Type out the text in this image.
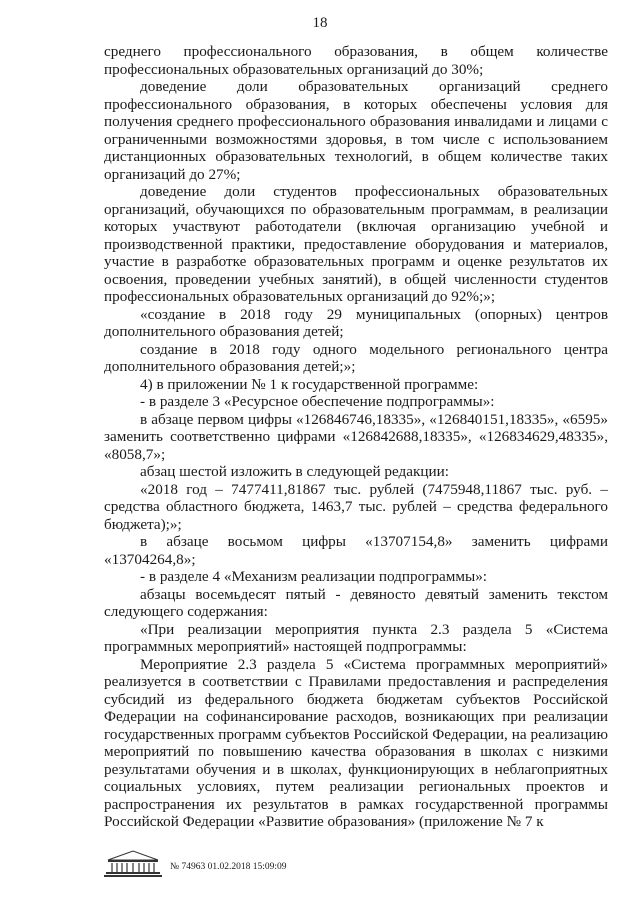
18

среднего профессионального образования, в общем количестве профессиональных образовательных организаций до 30%;

доведение доли образовательных организаций среднего профессионального образования, в которых обеспечены условия для получения среднего профессионального образования инвалидами и лицами с ограниченными возможностями здоровья, в том числе с использованием дистанционных образовательных технологий, в общем количестве таких организаций до 27%;

доведение доли студентов профессиональных образовательных организаций, обучающихся по образовательным программам, в реализации которых участвуют работодатели (включая организацию учебной и производственной практики, предоставление оборудования и материалов, участие в разработке образовательных программ и оценке результатов их освоения, проведении учебных занятий), в общей численности студентов профессиональных образовательных организаций до 92%;»;

«создание в 2018 году 29 муниципальных (опорных) центров дополнительного образования детей;

создание в 2018 году одного модельного регионального центра дополнительного образования детей;»;

4) в приложении № 1 к государственной программе:

- в разделе 3 «Ресурсное обеспечение подпрограммы»:

в абзаце первом цифры «126846746,18335», «126840151,18335», «6595» заменить соответственно цифрами «126842688,18335», «126834629,48335», «8058,7»;

абзац шестой изложить в следующей редакции:

«2018 год – 7477411,81867 тыс. рублей (7475948,11867 тыс. руб. – средства областного бюджета, 1463,7 тыс. рублей – средства федерального бюджета);»;

в абзаце восьмом цифры «13707154,8» заменить цифрами «13704264,8»;

- в разделе 4 «Механизм реализации подпрограммы»:

абзацы восемьдесят пятый - девяносто девятый заменить текстом следующего содержания:

«При реализации мероприятия пункта 2.3 раздела 5 «Система программных мероприятий» настоящей подпрограммы:

Мероприятие 2.3 раздела 5 «Система программных мероприятий» реализуется в соответствии с Правилами предоставления и распределения субсидий из федерального бюджета бюджетам субъектов Российской Федерации на софинансирование расходов, возникающих при реализации государственных программ субъектов Российской Федерации, на реализацию мероприятий по повышению качества образования в школах с низкими результатами обучения и в школах, функционирующих в неблагоприятных социальных условиях, путем реализации региональных проектов и распространения их результатов в рамках государственной программы Российской Федерации «Развитие образования» (приложение № 7 к

№ 74963 01.02.2018 15:09:09
